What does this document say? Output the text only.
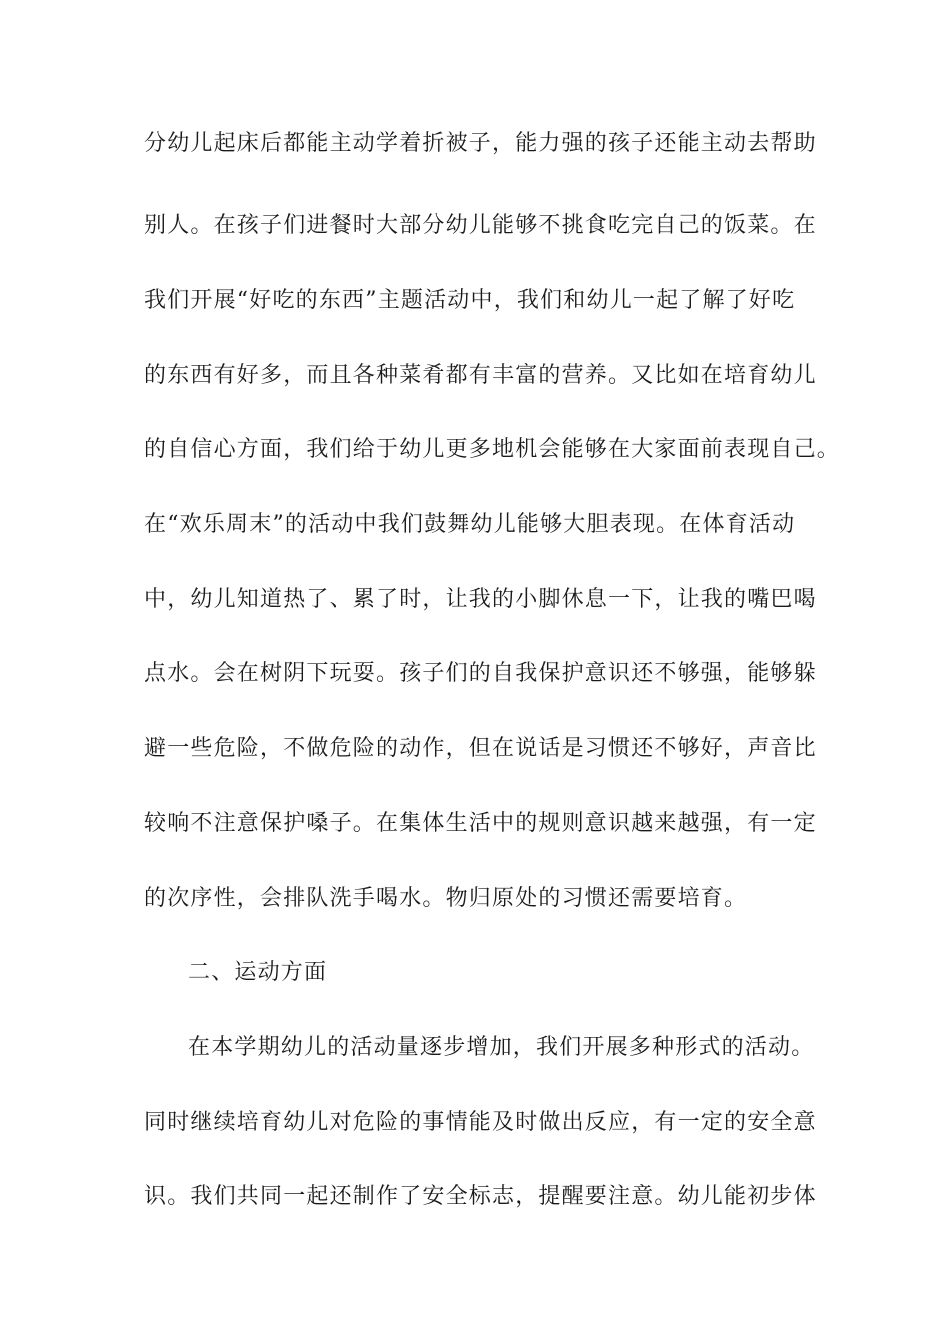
分幼儿起床后都能主动学着折被子，能力强的孩子还能主动去帮助
别人。在孩子们进餐时大部分幼儿能够不挑食吃完自己的饭菜。在
我们开展“好吃的东西”主题活动中，我们和幼儿一起了解了好吃
的东西有好多，而且各种菜肴都有丰富的营养。又比如在培育幼儿
的自信心方面，我们给于幼儿更多地机会能够在大家面前表现自己。
在“欢乐周末”的活动中我们鼓舞幼儿能够大胆表现。在体育活动
中，幼儿知道热了、累了时，让我的小脚休息一下，让我的嘴巴喝
点水。会在树阴下玩耍。孩子们的自我保护意识还不够强，能够躲
避一些危险，不做危险的动作，但在说话是习惯还不够好，声音比
较响不注意保护嗓子。在集体生活中的规则意识越来越强，有一定
的次序性，会排队洗手喝水。物归原处的习惯还需要培育。
二、运动方面
在本学期幼儿的活动量逐步增加，我们开展多种形式的活动。
同时继续培育幼儿对危险的事情能及时做出反应，有一定的安全意
识。我们共同一起还制作了安全标志，提醒要注意。幼儿能初步体
